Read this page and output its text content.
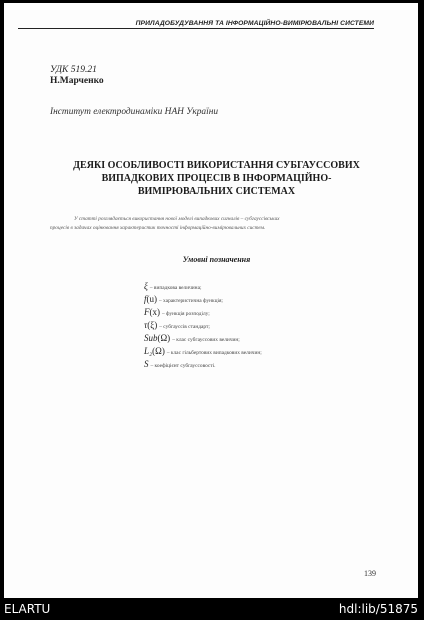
ПРИЛАДОБУДУВАННЯ ТА ІНФОРМАЦІЙНО-ВИМІРЮВАЛЬНІ СИСТЕМИ
УДК 519.21
Н.Марченко
Інститут електродинаміки НАН України
ДЕЯКІ ОСОБЛИВОСТІ ВИКОРИСТАННЯ СУБГАУССОВИХ
ВИПАДКОВИХ ПРОЦЕСІВ В ІНФОРМАЦІЙНО-
ВИМІРЮВАЛЬНИХ СИСТЕМАХ
У статті розглядається використання нової моделі випадкових сигналів – субгауссівських
процесів в задачах оцінювання характеристик точності інформаційно-вимірювальних систем.
Умовні позначення
ξ – випадкова величина;
f(u) – характеристична функція;
F(x) – функція розподілу;
τ(ξ) – субгауссів стандарт;
Sub(Ω) – клас субгауссових величин;
L₂(Ω) – клас гільбертових випадкових величин;
S – коефіцієнт субгауссовості.
139
ELARTU	hdl:lib/51875
